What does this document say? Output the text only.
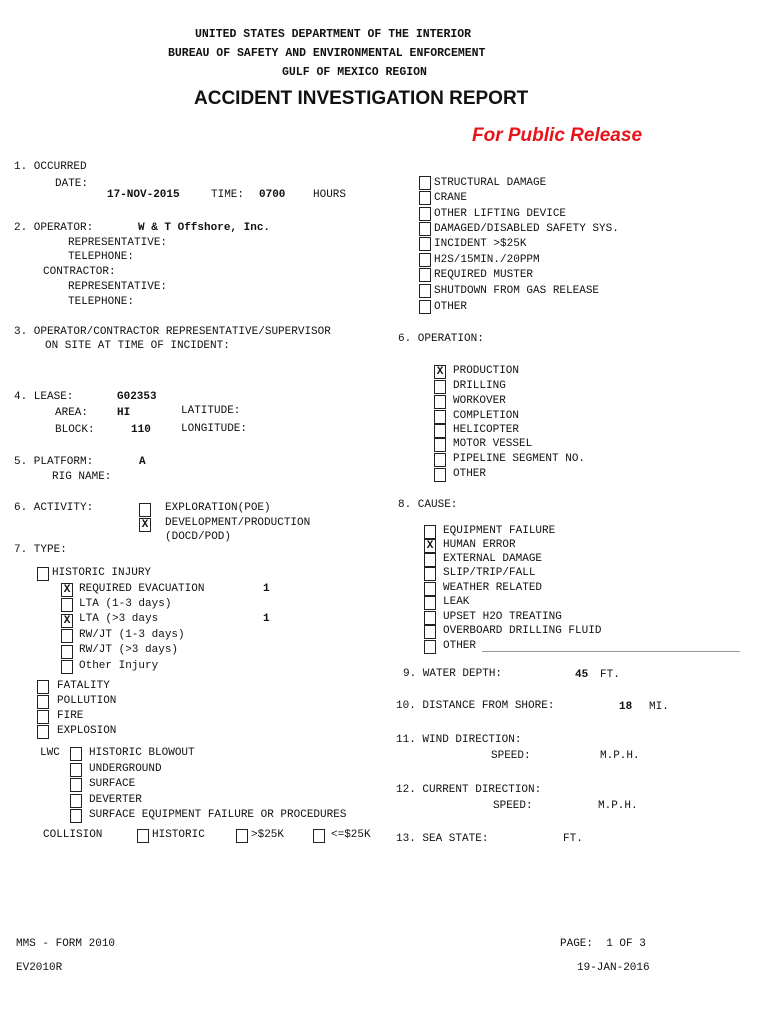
UNITED STATES DEPARTMENT OF THE INTERIOR
BUREAU OF SAFETY AND ENVIRONMENTAL ENFORCEMENT
GULF OF MEXICO REGION
ACCIDENT INVESTIGATION REPORT
For Public Release
1. OCCURRED
DATE:
17-NOV-2015	TIME: 0700	HOURS
2. OPERATOR:	W & T Offshore, Inc.
REPRESENTATIVE:
TELEPHONE:
CONTRACTOR:
REPRESENTATIVE:
TELEPHONE:
STRUCTURAL DAMAGE
CRANE
OTHER LIFTING DEVICE
DAMAGED/DISABLED SAFETY SYS.
INCIDENT >$25K
H2S/15MIN./20PPM
REQUIRED MUSTER
SHUTDOWN FROM GAS RELEASE
OTHER
3. OPERATOR/CONTRACTOR REPRESENTATIVE/SUPERVISOR
ON SITE AT TIME OF INCIDENT:
6. OPERATION:
X PRODUCTION
DRILLING
WORKOVER
COMPLETION
HELICOPTER
MOTOR VESSEL
PIPELINE SEGMENT NO.
OTHER
4. LEASE:	G02353
AREA:	HI	LATITUDE:
BLOCK:	110	LONGITUDE:
5. PLATFORM:	A
RIG NAME:
6. ACTIVITY:	EXPLORATION(POE)
X DEVELOPMENT/PRODUCTION
(DOCD/POD)
8. CAUSE:
EQUIPMENT FAILURE
X HUMAN ERROR
EXTERNAL DAMAGE
SLIP/TRIP/FALL
WEATHER RELATED
LEAK
UPSET H2O TREATING
OVERBOARD DRILLING FLUID
OTHER
7. TYPE:
HISTORIC INJURY
X REQUIRED EVACUATION	1
LTA (1-3 days)
X LTA (>3 days	1
RW/JT (1-3 days)
RW/JT (>3 days)
Other Injury
FATALITY
POLLUTION
FIRE
EXPLOSION
LWC	HISTORIC BLOWOUT
UNDERGROUND
SURFACE
DEVERTER
SURFACE EQUIPMENT FAILURE OR PROCEDURES
COLLISION	HISTORIC	>$25K	<=$25K
9. WATER DEPTH:	45 FT.
10. DISTANCE FROM SHORE:	18 MI.
11. WIND DIRECTION:
SPEED:	M.P.H.
12. CURRENT DIRECTION:
SPEED:	M.P.H.
13. SEA STATE:	FT.
MMS - FORM 2010	PAGE:  1 OF 3
EV2010R	19-JAN-2016
